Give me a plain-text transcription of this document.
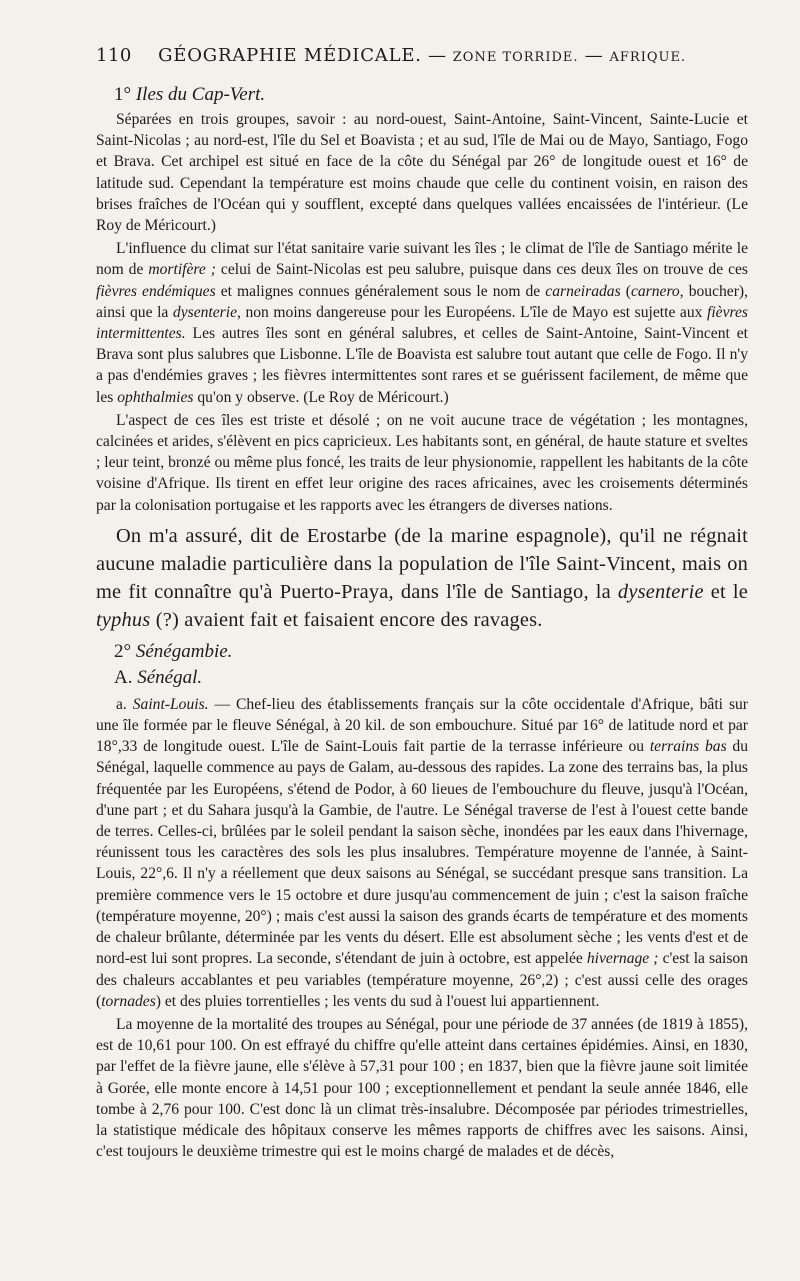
110 GÉOGRAPHIE MÉDICALE. — ZONE TORRIDE. — AFRIQUE.
1° Iles du Cap-Vert.

Séparées en trois groupes, savoir : au nord-ouest, Saint-Antoine, Saint-Vincent, Sainte-Lucie et Saint-Nicolas ; au nord-est, l'île du Sel et Boavista ; et au sud, l'île de Mai ou de Mayo, Santiago, Fogo et Brava. Cet archipel est situé en face de la côte du Sénégal par 26° de longitude ouest et 16° de latitude sud. Cependant la température est moins chaude que celle du continent voisin, en raison des brises fraîches de l'Océan qui y soufflent, excepté dans quelques vallées encaissées de l'intérieur. (Le Roy de Méricourt.)

L'influence du climat sur l'état sanitaire varie suivant les îles ; le climat de l'île de Santiago mérite le nom de mortifère ; celui de Saint-Nicolas est peu salubre, puisque dans ces deux îles on trouve de ces fièvres endémiques et malignes connues généralement sous le nom de carneiradas (carnero, boucher), ainsi que la dysenterie, non moins dangereuse pour les Européens. L'île de Mayo est sujette aux fièvres intermittentes. Les autres îles sont en général salubres, et celles de Saint-Antoine, Saint-Vincent et Brava sont plus salubres que Lisbonne. L'île de Boavista est salubre tout autant que celle de Fogo. Il n'y a pas d'endémies graves ; les fièvres intermittentes sont rares et se guérissent facilement, de même que les ophthalmies qu'on y observe. (Le Roy de Méricourt.)

L'aspect de ces îles est triste et désolé ; on ne voit aucune trace de végétation ; les montagnes, calcinées et arides, s'élèvent en pics capricieux. Les habitants sont, en général, de haute stature et sveltes ; leur teint, bronzé ou même plus foncé, les traits de leur physionomie, rappellent les habitants de la côte voisine d'Afrique. Ils tirent en effet leur origine des races africaines, avec les croisements déterminés par la colonisation portugaise et les rapports avec les étrangers de diverses nations.

On m'a assuré, dit de Erostarbe (de la marine espagnole), qu'il ne régnait aucune maladie particulière dans la population de l'île Saint-Vincent, mais on me fit connaître qu'à Puerto-Praya, dans l'île de Santiago, la dysenterie et le typhus (?) avaient fait et faisaient encore des ravages.

2° Sénégambie.
A. Sénégal.

a. Saint-Louis. — Chef-lieu des établissements français sur la côte occidentale d'Afrique, bâti sur une île formée par le fleuve Sénégal, à 20 kil. de son embouchure. Situé par 16° de latitude nord et par 18°,33 de longitude ouest. L'île de Saint-Louis fait partie de la terrasse inférieure ou terrains bas du Sénégal, laquelle commence au pays de Galam, au-dessous des rapides. La zone des terrains bas, la plus fréquentée par les Européens, s'étend de Podor, à 60 lieues de l'embouchure du fleuve, jusqu'à l'Océan, d'une part ; et du Sahara jusqu'à la Gambie, de l'autre. Le Sénégal traverse de l'est à l'ouest cette bande de terres. Celles-ci, brûlées par le soleil pendant la saison sèche, inondées par les eaux dans l'hivernage, réunissent tous les caractères des sols les plus insalubres. Température moyenne de l'année, à Saint-Louis, 22°,6. Il n'y a réellement que deux saisons au Sénégal, se succédant presque sans transition. La première commence vers le 15 octobre et dure jusqu'au commencement de juin ; c'est la saison fraîche (température moyenne, 20°) ; mais c'est aussi la saison des grands écarts de température et des moments de chaleur brûlante, déterminée par les vents du désert. Elle est absolument sèche ; les vents d'est et de nord-est lui sont propres. La seconde, s'étendant de juin à octobre, est appelée hivernage ; c'est la saison des chaleurs accablantes et peu variables (température moyenne, 26°,2) ; c'est aussi celle des orages (tornades) et des pluies torrentielles ; les vents du sud à l'ouest lui appartiennent.

La moyenne de la mortalité des troupes au Sénégal, pour une période de 37 années (de 1819 à 1855), est de 10,61 pour 100. On est effrayé du chiffre qu'elle atteint dans certaines épidémies. Ainsi, en 1830, par l'effet de la fièvre jaune, elle s'élève à 57,31 pour 100 ; en 1837, bien que la fièvre jaune soit limitée à Gorée, elle monte encore à 14,51 pour 100 ; exceptionnellement et pendant la seule année 1846, elle tombe à 2,76 pour 100. C'est donc là un climat très-insalubre. Décomposée par périodes trimestrielles, la statistique médicale des hôpitaux conserve les mêmes rapports de chiffres avec les saisons. Ainsi, c'est toujours le deuxième trimestre qui est le moins chargé de malades et de décès,
